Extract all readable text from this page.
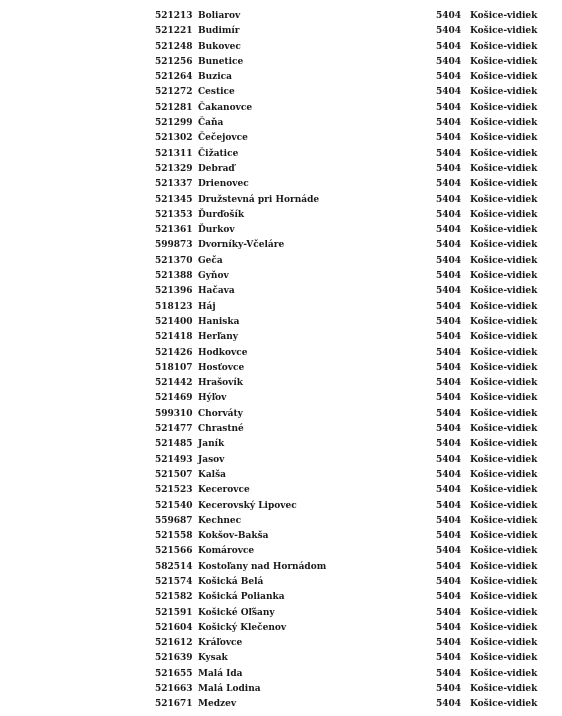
521213 Boliarov	5404 Košice-vidiek
521221 Budimír	5404 Košice-vidiek
521248 Bukovec	5404 Košice-vidiek
521256 Bunetice	5404 Košice-vidiek
521264 Buzica	5404 Košice-vidiek
521272 Cestice	5404 Košice-vidiek
521281 Čakanovce	5404 Košice-vidiek
521299 Čaňa	5404 Košice-vidiek
521302 Čečejovce	5404 Košice-vidiek
521311 Čižatice	5404 Košice-vidiek
521329 Debraď	5404 Košice-vidiek
521337 Drienovec	5404 Košice-vidiek
521345 Družstevná pri Hornáde	5404 Košice-vidiek
521353 Ďurďošík	5404 Košice-vidiek
521361 Ďurkov	5404 Košice-vidiek
599873 Dvorníky-Včeláre	5404 Košice-vidiek
521370 Geča	5404 Košice-vidiek
521388 Gyňov	5404 Košice-vidiek
521396 Hačava	5404 Košice-vidiek
518123 Háj	5404 Košice-vidiek
521400 Haniska	5404 Košice-vidiek
521418 Herľany	5404 Košice-vidiek
521426 Hodkovce	5404 Košice-vidiek
518107 Hosťovce	5404 Košice-vidiek
521442 Hrašovík	5404 Košice-vidiek
521469 Hýľov	5404 Košice-vidiek
599310 Chorváty	5404 Košice-vidiek
521477 Chrastné	5404 Košice-vidiek
521485 Janík	5404 Košice-vidiek
521493 Jasov	5404 Košice-vidiek
521507 Kalša	5404 Košice-vidiek
521523 Kecerovce	5404 Košice-vidiek
521540 Kecerovský Lipovec	5404 Košice-vidiek
559687 Kechnec	5404 Košice-vidiek
521558 Kokšov-Bakša	5404 Košice-vidiek
521566 Komárovce	5404 Košice-vidiek
582514 Kostoľany nad Hornádom	5404 Košice-vidiek
521574 Košická Belá	5404 Košice-vidiek
521582 Košická Polianka	5404 Košice-vidiek
521591 Košické Oľšany	5404 Košice-vidiek
521604 Košický Klečenov	5404 Košice-vidiek
521612 Kráľovce	5404 Košice-vidiek
521639 Kysak	5404 Košice-vidiek
521655 Malá Ida	5404 Košice-vidiek
521663 Malá Lodina	5404 Košice-vidiek
521671 Medzev	5404 Košice-vidiek
